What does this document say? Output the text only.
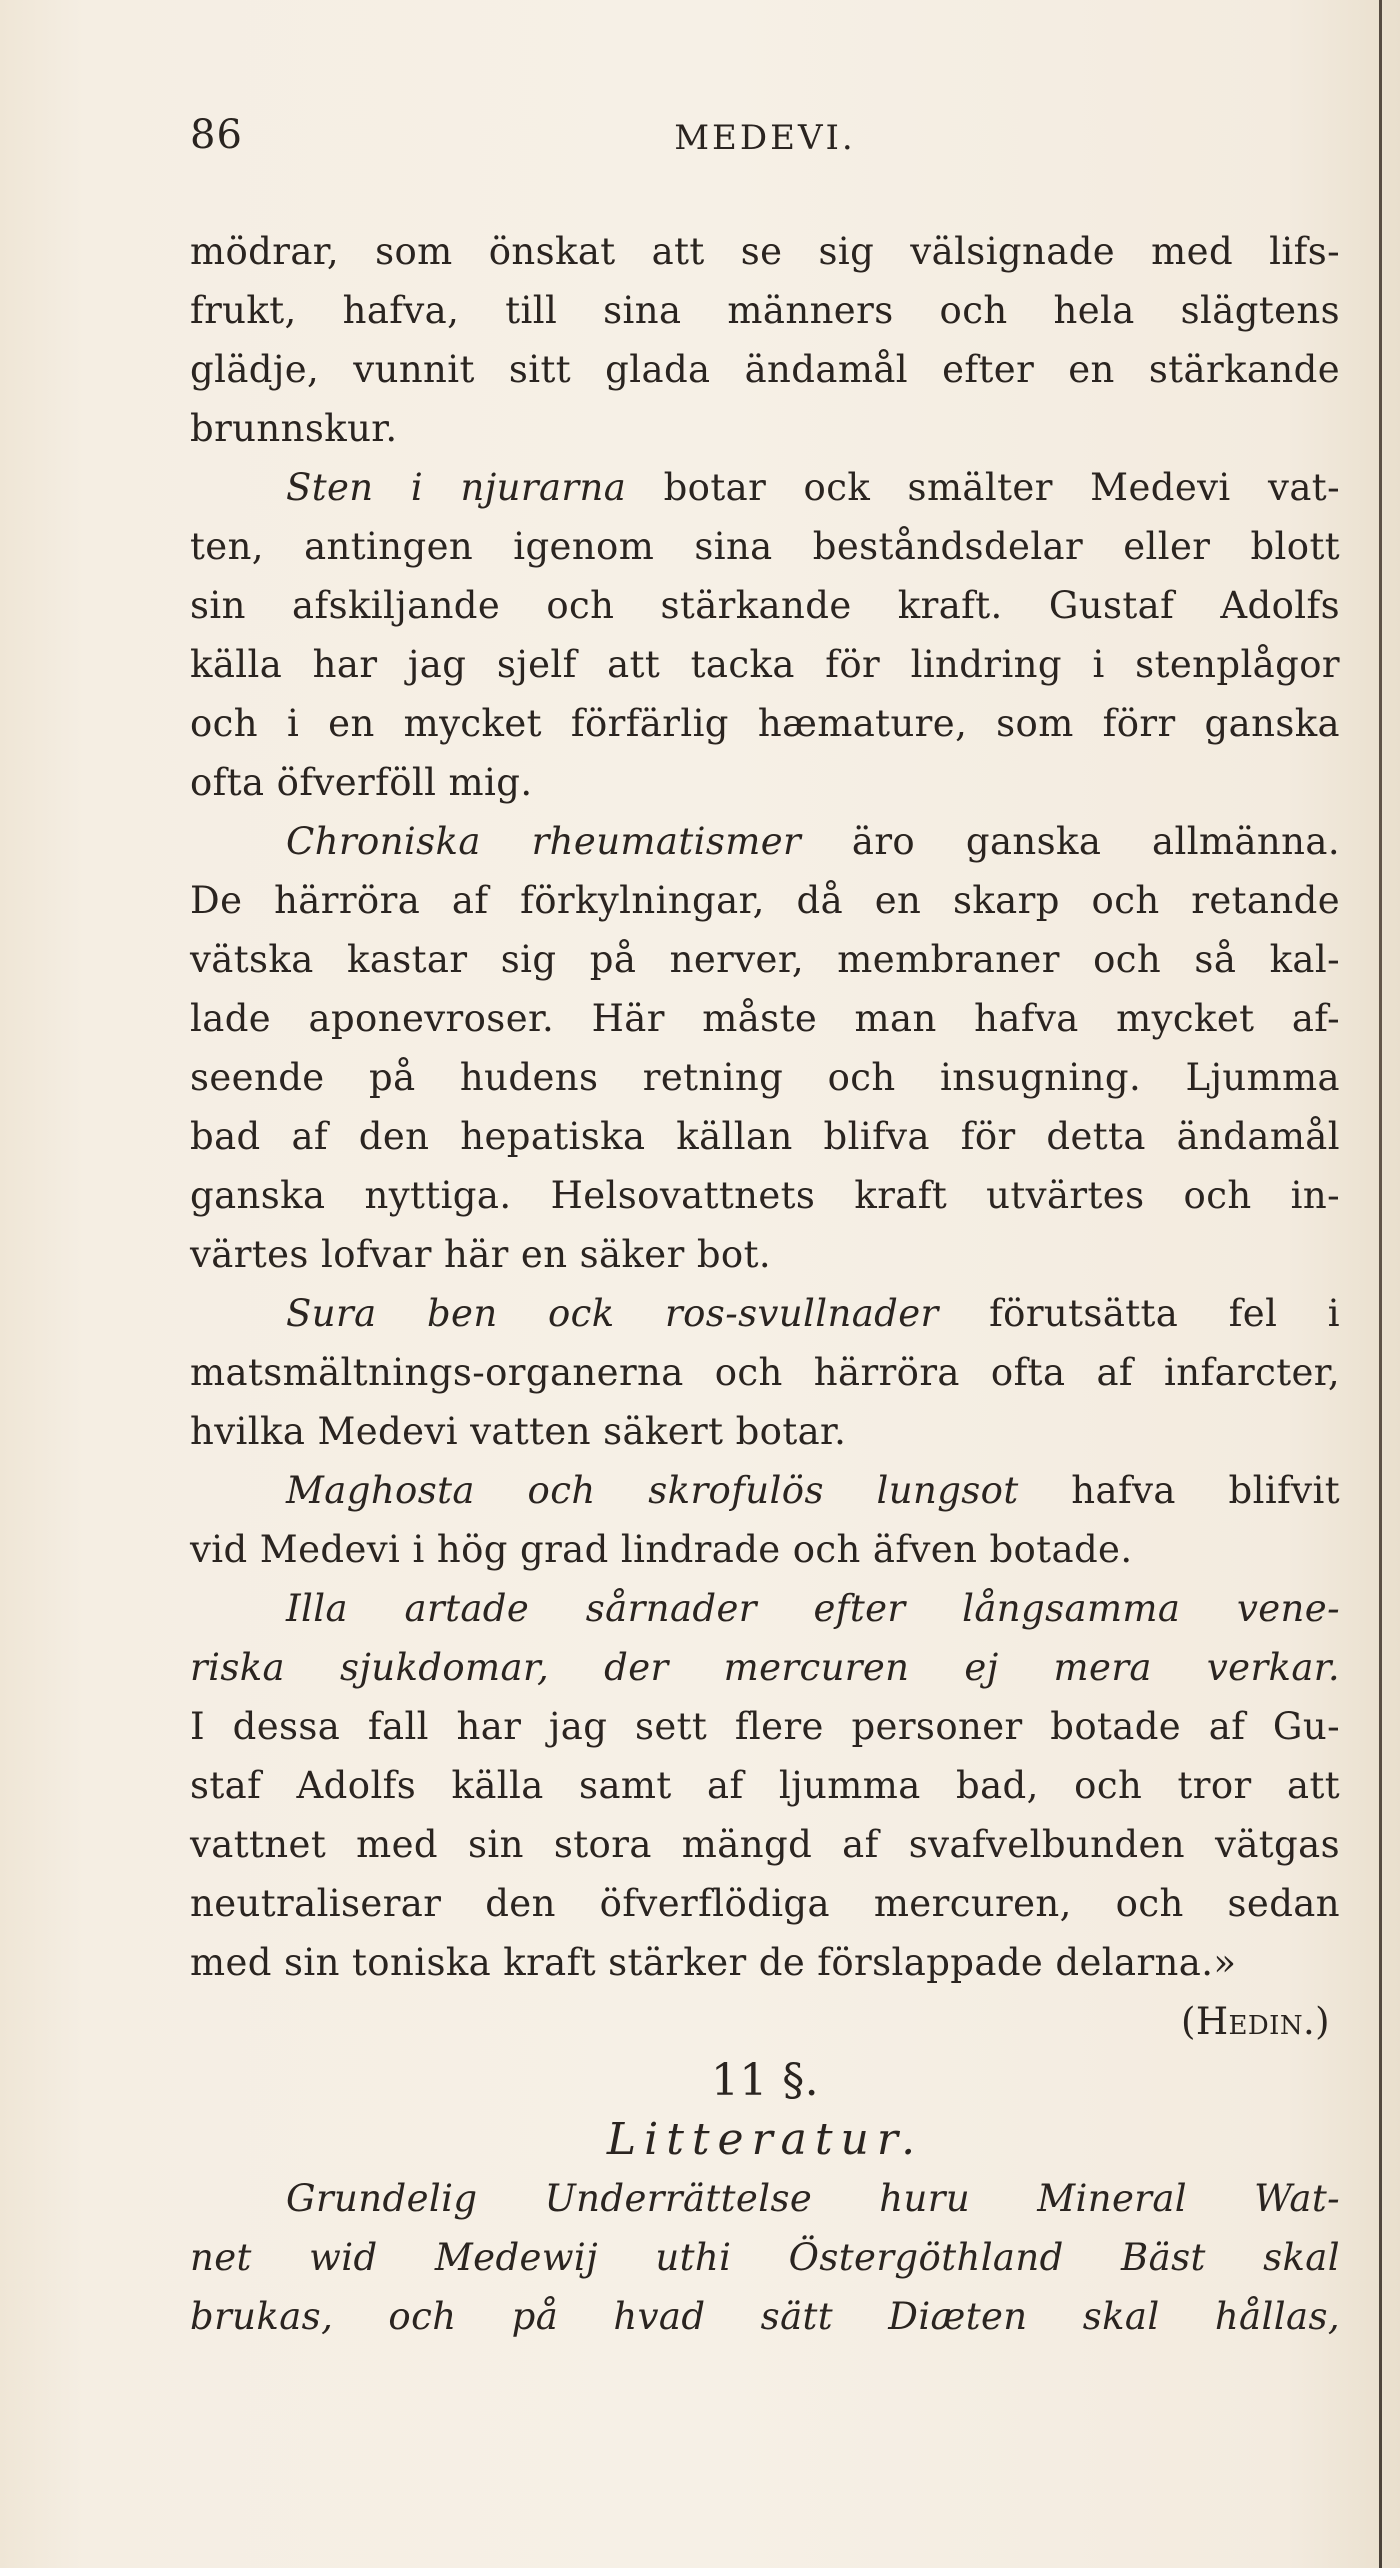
86	MEDEVI.
mödrar, som önskat att se sig välsignade med lifs-
frukt, hafva, till sina männers och hela slägtens
glädje, vunnit sitt glada ändamål efter en stärkande
brunnskur.
Sten i njurarna botar ock smälter Medevi vat-
ten, antingen igenom sina beståndsdelar eller blott
sin afskiljande och stärkande kraft. Gustaf Adolfs
källa har jag sjelf att tacka för lindring i stenplågor
och i en mycket förfärlig hæmature, som förr ganska
ofta öfverföll mig.
Chroniska rheumatismer äro ganska allmänna.
De härröra af förkylningar, då en skarp och retande
vätska kastar sig på nerver, membraner och så kal-
lade aponevroser. Här måste man hafva mycket af-
seende på hudens retning och insugning. Ljumma
bad af den hepatiska källan blifva för detta ändamål
ganska nyttiga. Helsovattnets kraft utvärtes och in-
värtes lofvar här en säker bot.
Sura ben ock ros-svullnader förutsätta fel i
matsmältnings-organerna och härröra ofta af infarcter,
hvilka Medevi vatten säkert botar.
Maghosta och skrofulös lungsot hafva blifvit
vid Medevi i hög grad lindrade och äfven botade.
Illa artade sårnader efter långsamma vene-
riska sjukdomar, der mercuren ej mera verkar.
I dessa fall har jag sett flere personer botade af Gu-
staf Adolfs källa samt af ljumma bad, och tror att
vattnet med sin stora mängd af svafvelbunden vätgas
neutraliserar den öfverflödiga mercuren, och sedan
med sin toniska kraft stärker de förslappade delarna.»
(Hedin.)
11 §.
Litteratur.
Grundelig Underrättelse huru Mineral Wat-
net wid Medewij uthi Östergöthland Bäst skal
brukas, och på hvad sätt Diæten skal hållas,
